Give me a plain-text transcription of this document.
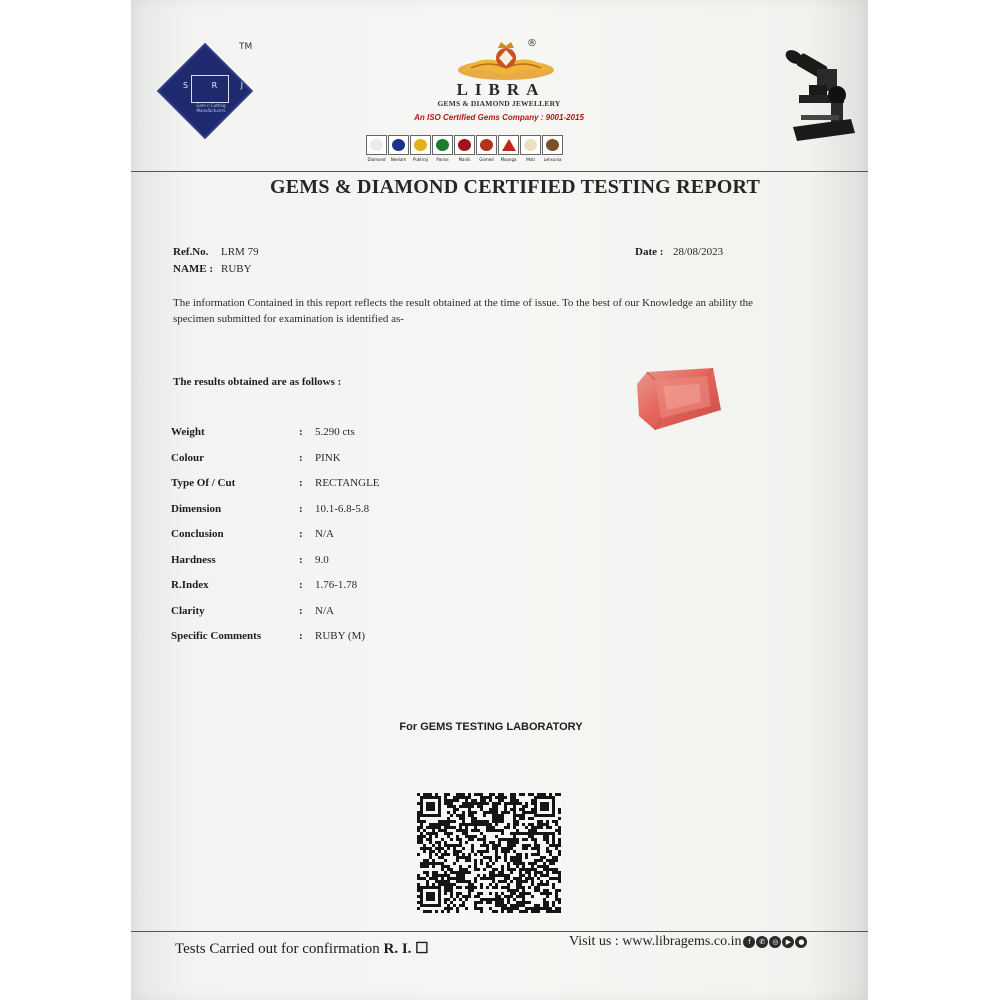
S	R	J
Gem n Cutting Manufacturers
TM	®
LIBRA
GEMS & DIAMOND JEWELLERY
An ISO Certified Gems Company : 9001-2015
Diamond Neelam Pukhraj Panna Manik Gomed Moonga Moti Lehsunia
GEMS & DIAMOND CERTIFIED TESTING REPORT
Ref.No. LRM 79
NAME : RUBY
Date : 28/08/2023
The information Contained in this report reflects the result obtained at the time of issue. To the best of our Knowledge an ability the specimen submitted for examination is identified as-
The results obtained are as follows :
Weight	: 5.290 cts
Colour	: PINK
Type Of / Cut	: RECTANGLE
Dimension	: 10.1-6.8-5.8
Conclusion	: N/A
Hardness	: 9.0
R.Index	: 1.76-1.78
Clarity	: N/A
Specific Comments	: RUBY (M)
For GEMS TESTING LABORATORY
Tests Carried out for confirmation R. I. ☐	Visit us : www.libragems.co.in f	✆	◎	▶	●
